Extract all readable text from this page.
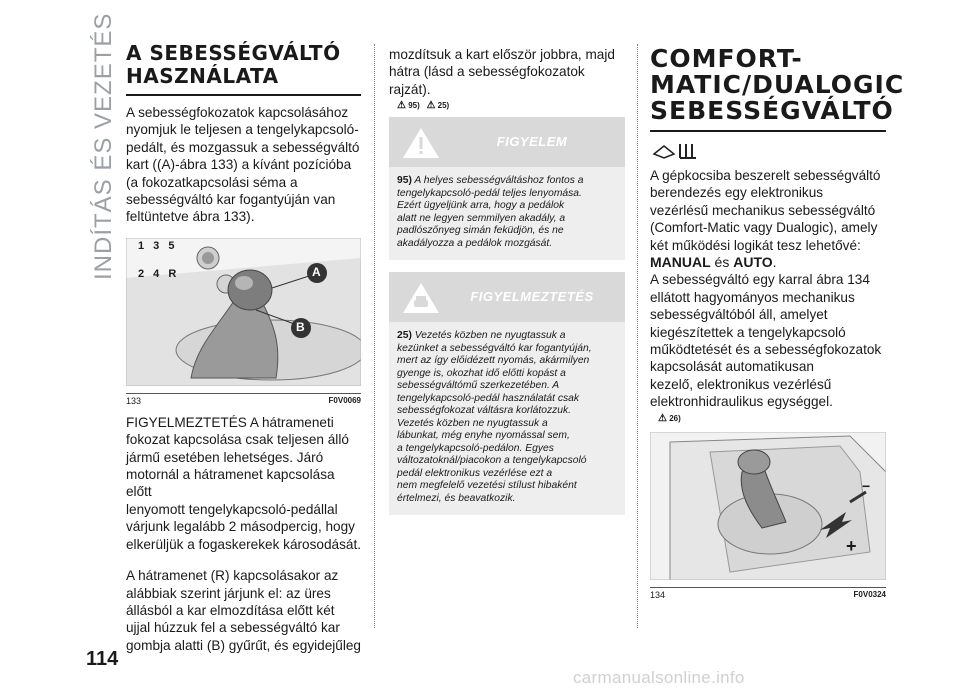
INDÍTÁS ÉS VEZETÉS
114
A SEBESSÉGVÁLTÓ
HASZNÁLATA

A sebességfokozatok kapcsolásához
nyomjuk le teljesen a tengelykapcsoló-
pedált, és mozgassuk a sebességváltó
kart ((A)-ábra 133) a kívánt pozícióba
(a fokozatkapcsolási séma a
sebességváltó kar fogantyúján van
feltüntetve ábra 133).

1 3 5
2 4 R	A
B
133	F0V0069

FIGYELMEZTETÉS A hátrameneti
fokozat kapcsolása csak teljesen álló
jármű esetében lehetséges. Járó
motornál a hátramenet kapcsolása előtt
lenyomott tengelykapcsoló-pedállal
várjunk legalább 2 másodpercig, hogy
elkerüljük a fogaskerekek károsodását.

A hátramenet (R) kapcsolásakor az
alábbiak szerint járjunk el: az üres
állásból a kar elmozdítása előtt két
ujjal húzzuk fel a sebességváltó kar
gombja alatti (B) gyűrűt, és egyidejűleg

mozdítsuk a kart először jobbra, majd
hátra (lásd a sebességfokozatok rajzát).

⚠ 95) ⚠ 25)
FIGYELEM
95) A helyes sebességváltáshoz fontos a
tengelykapcsoló-pedál teljes lenyomása.
Ezért ügyeljünk arra, hogy a pedálok
alatt ne legyen semmilyen akadály, a
padlószőnyeg simán feküdjön, és ne
akadályozza a pedálok mozgását.
FIGYELMEZTETÉS
25) Vezetés közben ne nyugtassuk a
kezünket a sebességváltó kar fogantyúján,
mert az így előidézett nyomás, akármilyen
gyenge is, okozhat idő előtti kopást a
sebességváltómű szerkezetében. A
tengelykapcsoló-pedál használatát csak
sebességfokozat váltásra korlátozzuk.
Vezetés közben ne nyugtassuk a
lábunkat, még enyhe nyomással sem,
a tengelykapcsoló-pedálon. Egyes
változatoknál/piacokon a tengelykapcsoló
pedál elektronikus vezérlése ezt a
nem megfelelő vezetési stílust hibaként
értelmezi, és beavatkozik.
COMFORT-
MATIC/DUALOGIC
SEBESSÉGVÁLTÓ

A gépkocsiba beszerelt sebességváltó
berendezés egy elektronikus
vezérlésű mechanikus sebességváltó
(Comfort-Matic vagy Dualogic), amely
két működési logikát tesz lehetővé:

MANUAL és AUTO.

A sebességváltó egy karral ábra 134
ellátott hagyományos mechanikus
sebességváltóból áll, amelyet
kiegészítettek a tengelykapcsoló
működtetését és a sebességfokozatok
kapcsolását automatikusan
kezelő, elektronikus vezérlésű
elektronhidraulikus egységgel.

⚠ 26)
+
−
134	F0V0324
carmanualsonline.info
